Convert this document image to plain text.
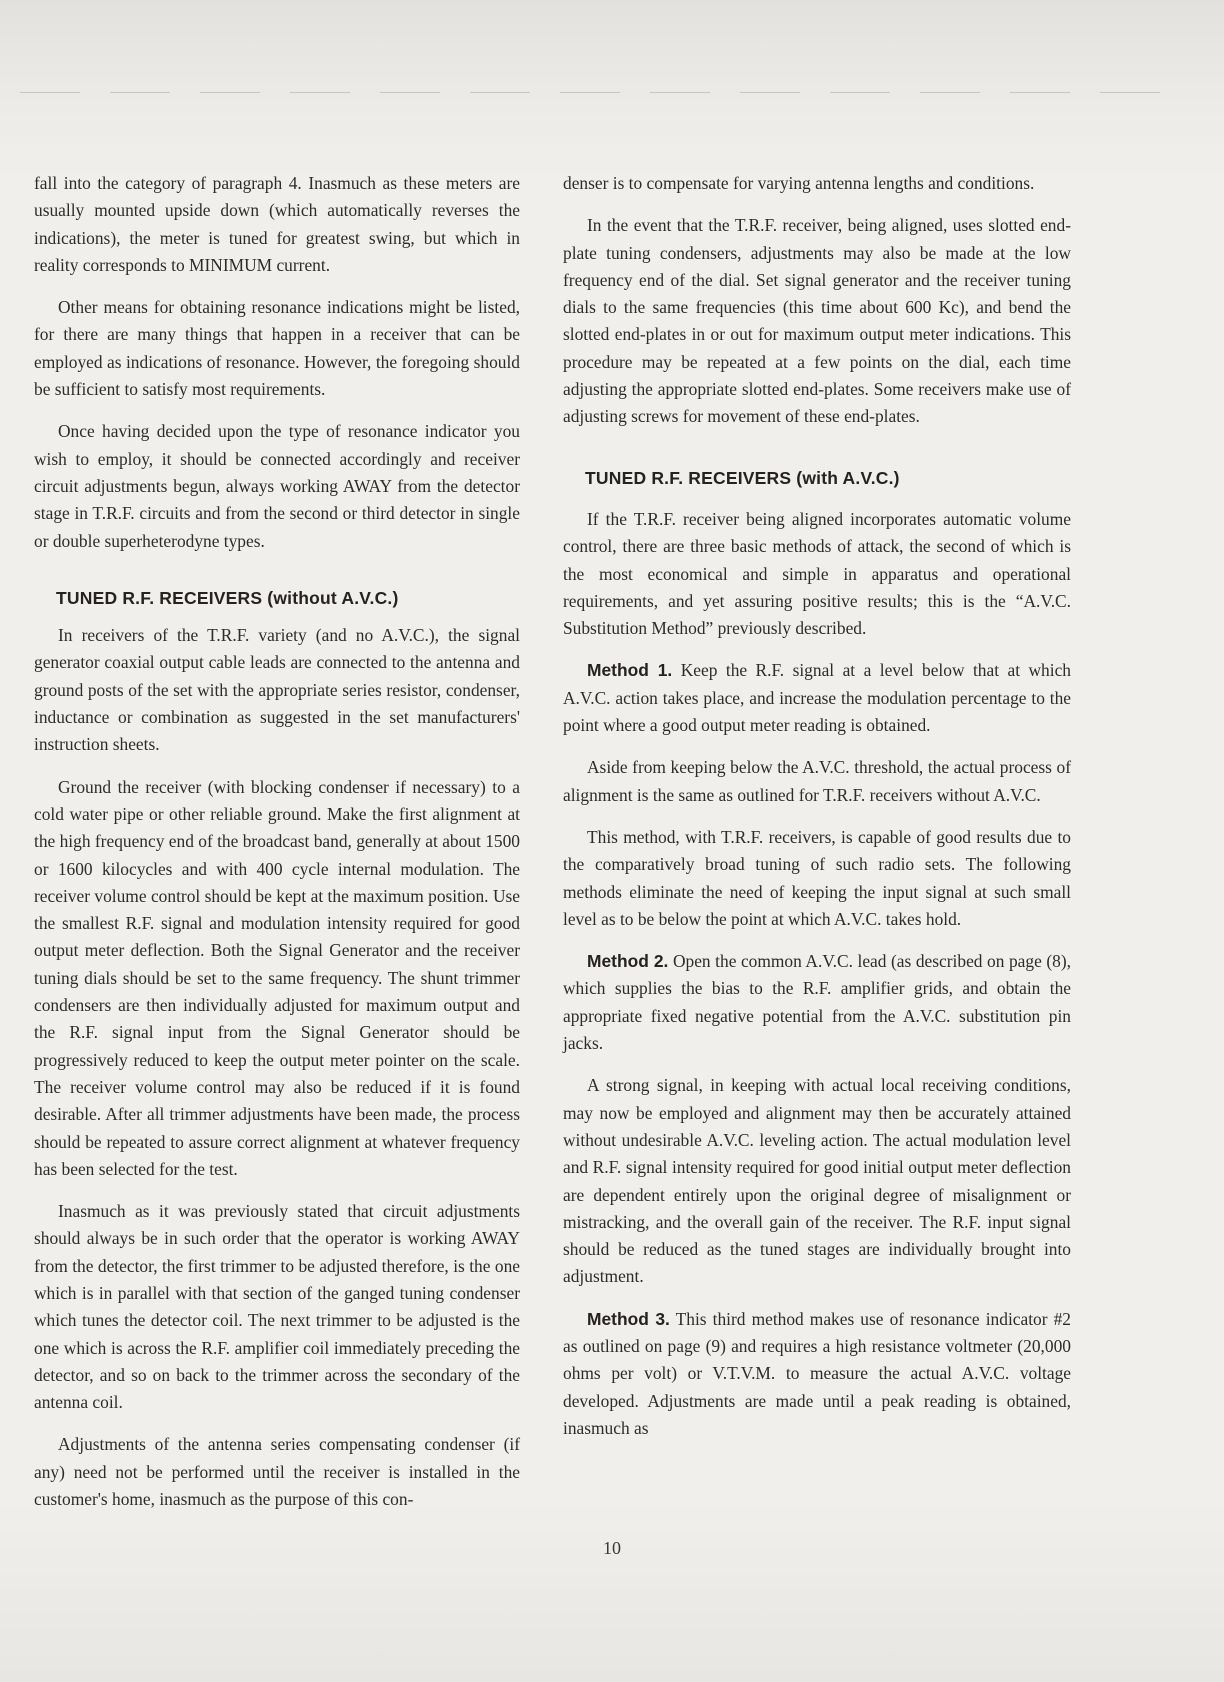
fall into the category of paragraph 4. Inasmuch as these meters are usually mounted upside down (which automatically reverses the indications), the meter is tuned for greatest swing, but which in reality corresponds to MINIMUM current.

Other means for obtaining resonance indications might be listed, for there are many things that happen in a receiver that can be employed as indications of resonance. However, the foregoing should be sufficient to satisfy most requirements.

Once having decided upon the type of resonance indicator you wish to employ, it should be connected accordingly and receiver circuit adjustments begun, always working AWAY from the detector stage in T.R.F. circuits and from the second or third detector in single or double superheterodyne types.

TUNED R.F. RECEIVERS (without A.V.C.)

In receivers of the T.R.F. variety (and no A.V.C.), the signal generator coaxial output cable leads are connected to the antenna and ground posts of the set with the appropriate series resistor, condenser, inductance or combination as suggested in the set manufacturers' instruction sheets.

Ground the receiver (with blocking condenser if necessary) to a cold water pipe or other reliable ground. Make the first alignment at the high frequency end of the broadcast band, generally at about 1500 or 1600 kilocycles and with 400 cycle internal modulation. The receiver volume control should be kept at the maximum position. Use the smallest R.F. signal and modulation intensity required for good output meter deflection. Both the Signal Generator and the receiver tuning dials should be set to the same frequency. The shunt trimmer condensers are then individually adjusted for maximum output and the R.F. signal input from the Signal Generator should be progressively reduced to keep the output meter pointer on the scale. The receiver volume control may also be reduced if it is found desirable. After all trimmer adjustments have been made, the process should be repeated to assure correct alignment at whatever frequency has been selected for the test.

Inasmuch as it was previously stated that circuit adjustments should always be in such order that the operator is working AWAY from the detector, the first trimmer to be adjusted therefore, is the one which is in parallel with that section of the ganged tuning condenser which tunes the detector coil. The next trimmer to be adjusted is the one which is across the R.F. amplifier coil immediately preceding the detector, and so on back to the trimmer across the secondary of the antenna coil.

Adjustments of the antenna series compensating condenser (if any) need not be performed until the receiver is installed in the customer's home, inasmuch as the purpose of this con-

denser is to compensate for varying antenna lengths and conditions.

In the event that the T.R.F. receiver, being aligned, uses slotted end-plate tuning condensers, adjustments may also be made at the low frequency end of the dial. Set signal generator and the receiver tuning dials to the same frequencies (this time about 600 Kc), and bend the slotted end-plates in or out for maximum output meter indications. This procedure may be repeated at a few points on the dial, each time adjusting the appropriate slotted end-plates. Some receivers make use of adjusting screws for movement of these end-plates.

TUNED R.F. RECEIVERS (with A.V.C.)

If the T.R.F. receiver being aligned incorporates automatic volume control, there are three basic methods of attack, the second of which is the most economical and simple in apparatus and operational requirements, and yet assuring positive results; this is the “A.V.C. Substitution Method” previously described.

Method 1. Keep the R.F. signal at a level below that at which A.V.C. action takes place, and increase the modulation percentage to the point where a good output meter reading is obtained.

Aside from keeping below the A.V.C. threshold, the actual process of alignment is the same as outlined for T.R.F. receivers without A.V.C.

This method, with T.R.F. receivers, is capable of good results due to the comparatively broad tuning of such radio sets. The following methods eliminate the need of keeping the input signal at such small level as to be below the point at which A.V.C. takes hold.

Method 2. Open the common A.V.C. lead (as described on page (8), which supplies the bias to the R.F. amplifier grids, and obtain the appropriate fixed negative potential from the A.V.C. substitution pin jacks.

A strong signal, in keeping with actual local receiving conditions, may now be employed and alignment may then be accurately attained without undesirable A.V.C. leveling action. The actual modulation level and R.F. signal intensity required for good initial output meter deflection are dependent entirely upon the original degree of misalignment or mistracking, and the overall gain of the receiver. The R.F. input signal should be reduced as the tuned stages are individually brought into adjustment.

Method 3. This third method makes use of resonance indicator #2 as outlined on page (9) and requires a high resistance voltmeter (20,000 ohms per volt) or V.T.V.M. to measure the actual A.V.C. voltage developed. Adjustments are made until a peak reading is obtained, inasmuch as

10
